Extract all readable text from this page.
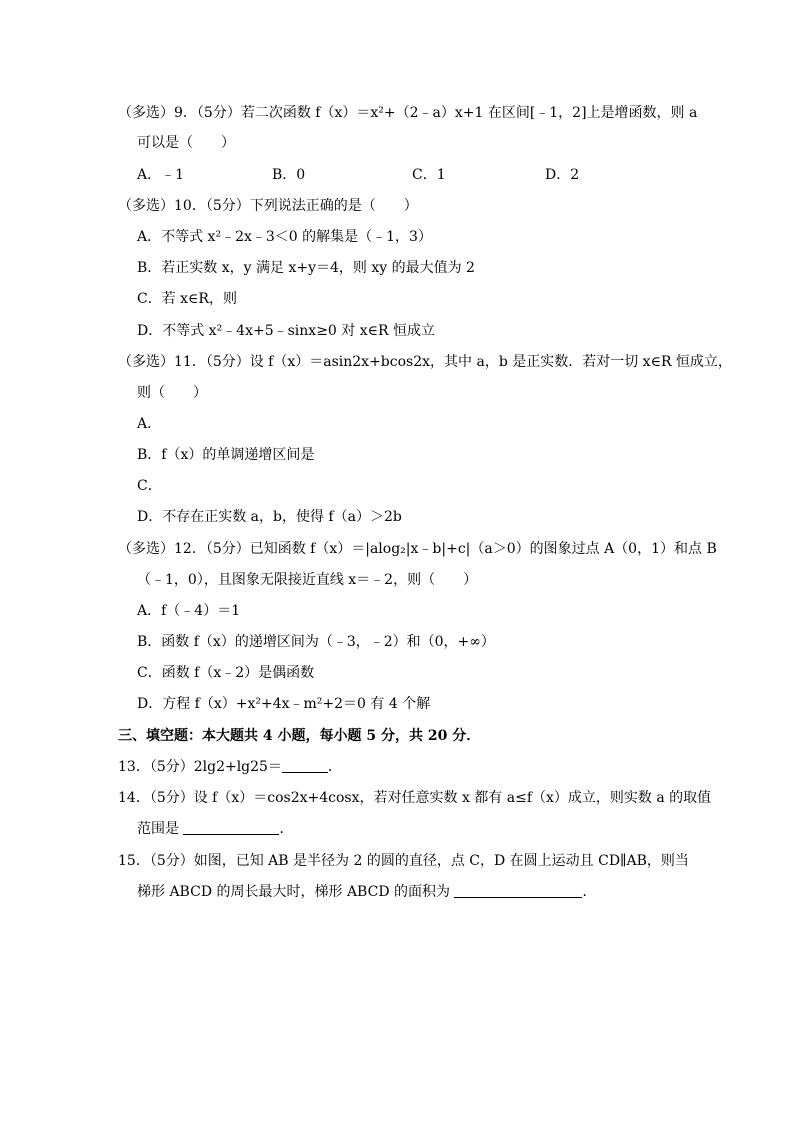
（多选）9．（5分）若二次函数 f（x）＝x²+（2﹣a）x+1 在区间[﹣1，2]上是增函数，则 a
可以是（　　）
A．﹣1	B．0	C．1	D．2
（多选）10．（5分）下列说法正确的是（　　）
A．不等式 x²﹣2x﹣3＜0 的解集是（﹣1，3）
B．若正实数 x，y 满足 x+y＝4，则 xy 的最大值为 2
C．若 x∈R，则
D．不等式 x²﹣4x+5﹣sinx≥0 对 x∈R 恒成立
（多选）11．（5分）设 f（x）＝asin2x+bcos2x，其中 a，b 是正实数．若对一切 x∈R 恒成立，
则（　　）
A．
B．f（x）的单调递增区间是
C．
D．不存在正实数 a，b，使得 f（a）＞2b
（多选）12．（5分）已知函数 f（x）＝|alog₂|x﹣b|+c|（a＞0）的图象过点 A（0，1）和点 B
（﹣1，0），且图象无限接近直线 x＝﹣2，则（　　）
A．f（﹣4）＝1
B．函数 f（x）的递增区间为（﹣3，﹣2）和（0，+∞）
C．函数 f（x﹣2）是偶函数
D．方程 f（x）+x²+4x﹣m²+2＝0 有 4 个解
三、填空题：本大题共 4 小题，每小题 5 分，共 20 分．
13．（5分）2lg2+lg25＝	．
14．（5分）设 f（x）＝cos2x+4cosx，若对任意实数 x 都有 a≤f（x）成立，则实数 a 的取值
范围是	．
15．（5分）如图，已知 AB 是半径为 2 的圆的直径，点 C，D 在圆上运动且 CD∥AB，则当
梯形 ABCD 的周长最大时，梯形 ABCD 的面积为	．
